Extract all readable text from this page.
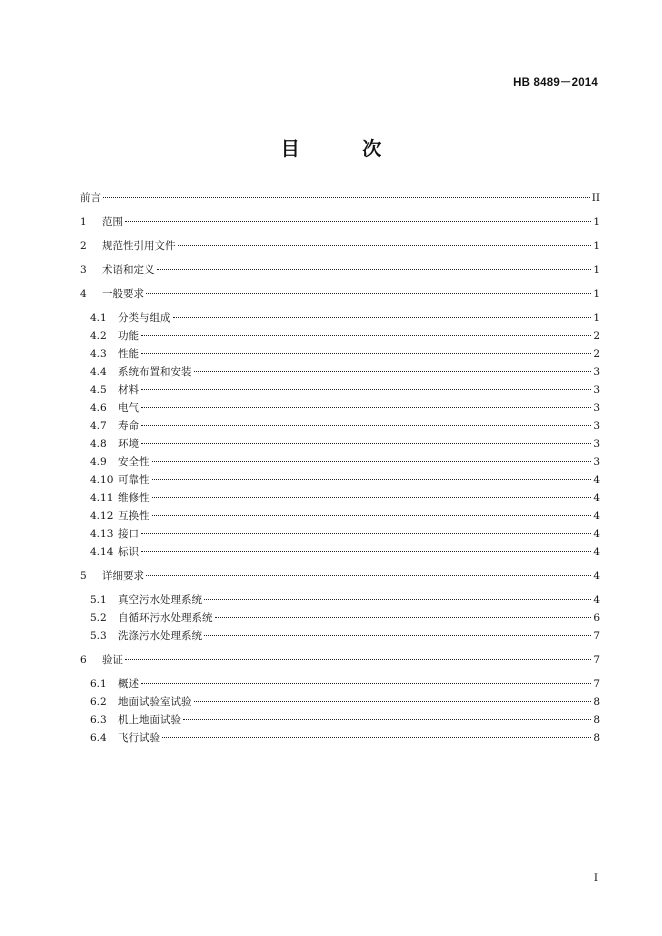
HB 8489－2014
目 次
前言	II
1	范围	1
2	规范性引用文件	1
3	术语和定义	1
4	一般要求	1
4.1	分类与组成	1
4.2	功能	2
4.3	性能	2
4.4	系统布置和安装	3
4.5	材料	3
4.6	电气	3
4.7	寿命	3
4.8	环境	3
4.9	安全性	3
4.10 可靠性	4
4.11 维修性	4
4.12 互换性	4
4.13 接口	4
4.14 标识	4
5	详细要求	4
5.1	真空污水处理系统	4
5.2	自循环污水处理系统	6
5.3	洗涤污水处理系统	7
6	验证	7
6.1	概述	7
6.2	地面试验室试验	8
6.3	机上地面试验	8
6.4	飞行试验	8
I
